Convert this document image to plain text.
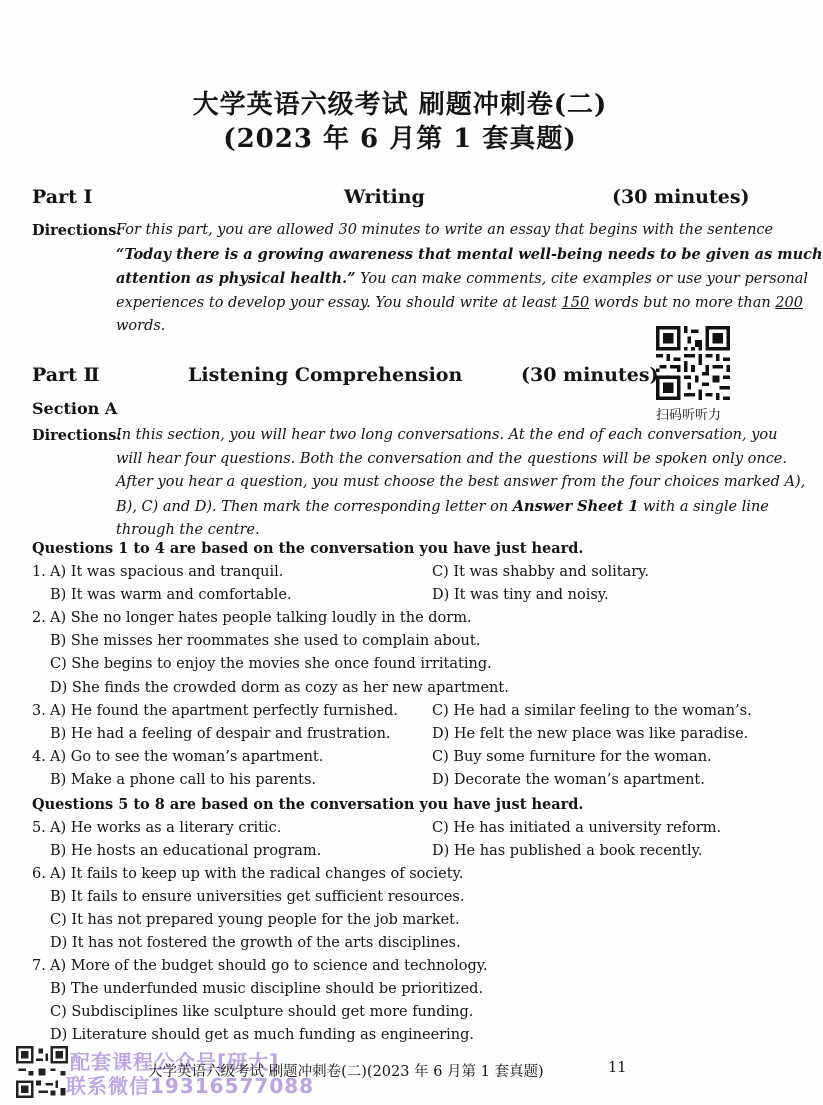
大学英语六级考试 刷题冲刺卷(二)
(2023 年 6 月第 1 套真题)
Part Ⅰ	Writing	(30 minutes)
Directions:
For this part, you are allowed 30 minutes to write an essay that begins with the sentence
“Today there is a growing awareness that mental well-being needs to be given as much
attention as physical health.” You can make comments, cite examples or use your personal
experiences to develop your essay. You should write at least 150 words but no more than 200
words.
扫码听听力
Part Ⅱ	Listening Comprehension	(30 minutes)
Section A
Directions:
In this section, you will hear two long conversations. At the end of each conversation, you
will hear four questions. Both the conversation and the questions will be spoken only once.
After you hear a question, you must choose the best answer from the four choices marked A),
B), C) and D). Then mark the corresponding letter on Answer Sheet 1 with a single line
through the centre.
Questions 1 to 4 are based on the conversation you have just heard.
1. A) It was spacious and tranquil.	C) It was shabby and solitary.
B) It was warm and comfortable.	D) It was tiny and noisy.
2. A) She no longer hates people talking loudly in the dorm.
B) She misses her roommates she used to complain about.
C) She begins to enjoy the movies she once found irritating.
D) She finds the crowded dorm as cozy as her new apartment.
3. A) He found the apartment perfectly furnished. C) He had a similar feeling to the woman’s.
B) He had a feeling of despair and frustration.	D) He felt the new place was like paradise.
4. A) Go to see the woman’s apartment.	C) Buy some furniture for the woman.
B) Make a phone call to his parents.	D) Decorate the woman’s apartment.
Questions 5 to 8 are based on the conversation you have just heard.
5. A) He works as a literary critic.	C) He has initiated a university reform.
B) He hosts an educational program.	D) He has published a book recently.
6. A) It fails to keep up with the radical changes of society.
B) It fails to ensure universities get sufficient resources.
C) It has not prepared young people for the job market.
D) It has not fostered the growth of the arts disciplines.
7. A) More of the budget should go to science and technology.
B) The underfunded music discipline should be prioritized.
C) Subdisciplines like sculpture should get more funding.
D) Literature should get as much funding as engineering.
配套课程公众号[研大]
联系微信19316577088
大学英语六级考试 刷题冲刺卷(二)(2023 年 6 月第 1 套真题)	11
